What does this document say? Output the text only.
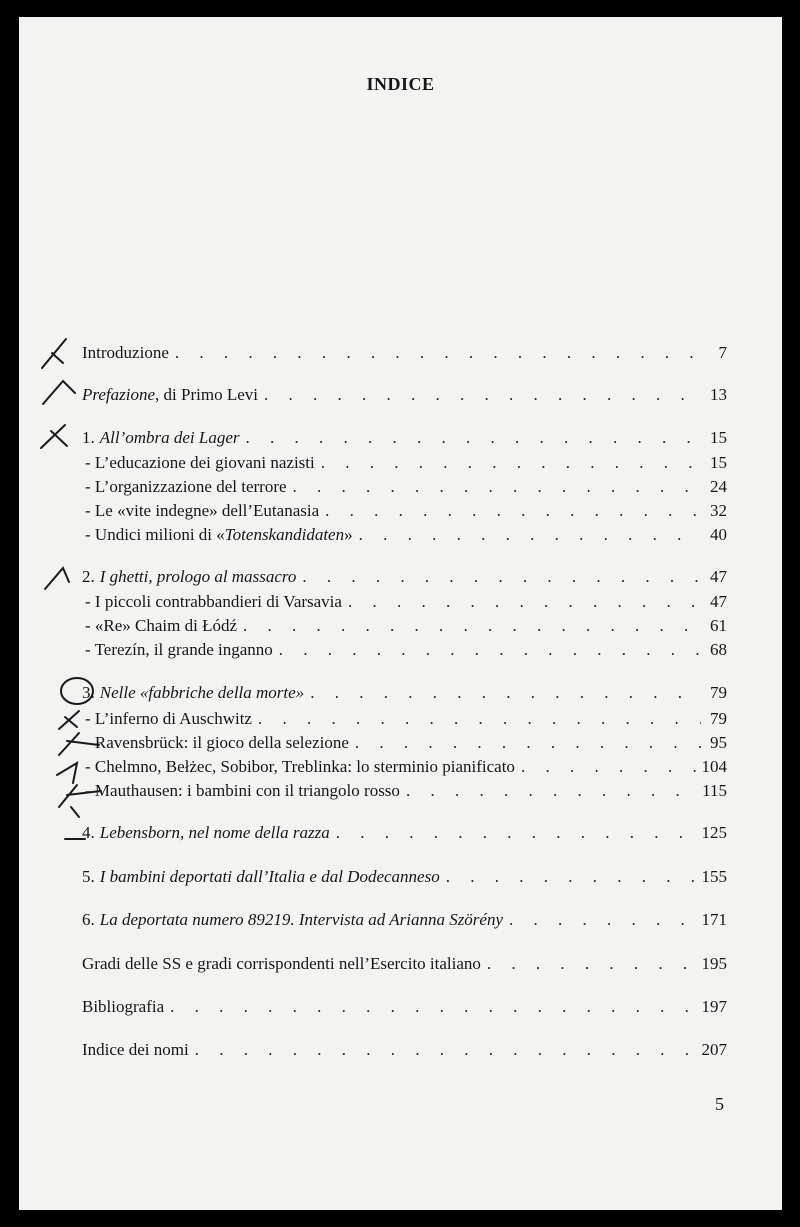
INDICE
Introduzione . . .	7
Prefazione, di Primo Levi . . .	13
1. All’ombra dei Lager . . .	15
- L’educazione dei giovani nazisti . . .	15
- L’organizzazione del terrore . . .	24
- Le «vite indegne» dell’Eutanasia . . .	32
- Undici milioni di «Totenskandidaten» . . .	40
2. I ghetti, prologo al massacro . . .	47
- I piccoli contrabbandieri di Varsavia . . .	47
- «Re» Chaim di Łódź . . .	61
- Terezín, il grande inganno . . .	68
3. Nelle «fabbriche della morte» . . .	79
- L’inferno di Auschwitz . . .	79
- Ravensbrück: il gioco della selezione . . .	95
- Chelmno, Bełżec, Sobibor, Treblinka: lo sterminio pianificato . . .	104
- Mauthausen: i bambini con il triangolo rosso . . .	115
4. Lebensborn, nel nome della razza . . .	125
5. I bambini deportati dall’Italia e dal Dodecanneso . . .	155
6. La deportata numero 89219. Intervista ad Arianna Szörény . . .	171
Gradi delle SS e gradi corrispondenti nell’Esercito italiano . . .	195
Bibliografia . . .	197
Indice dei nomi . . .	207
5
